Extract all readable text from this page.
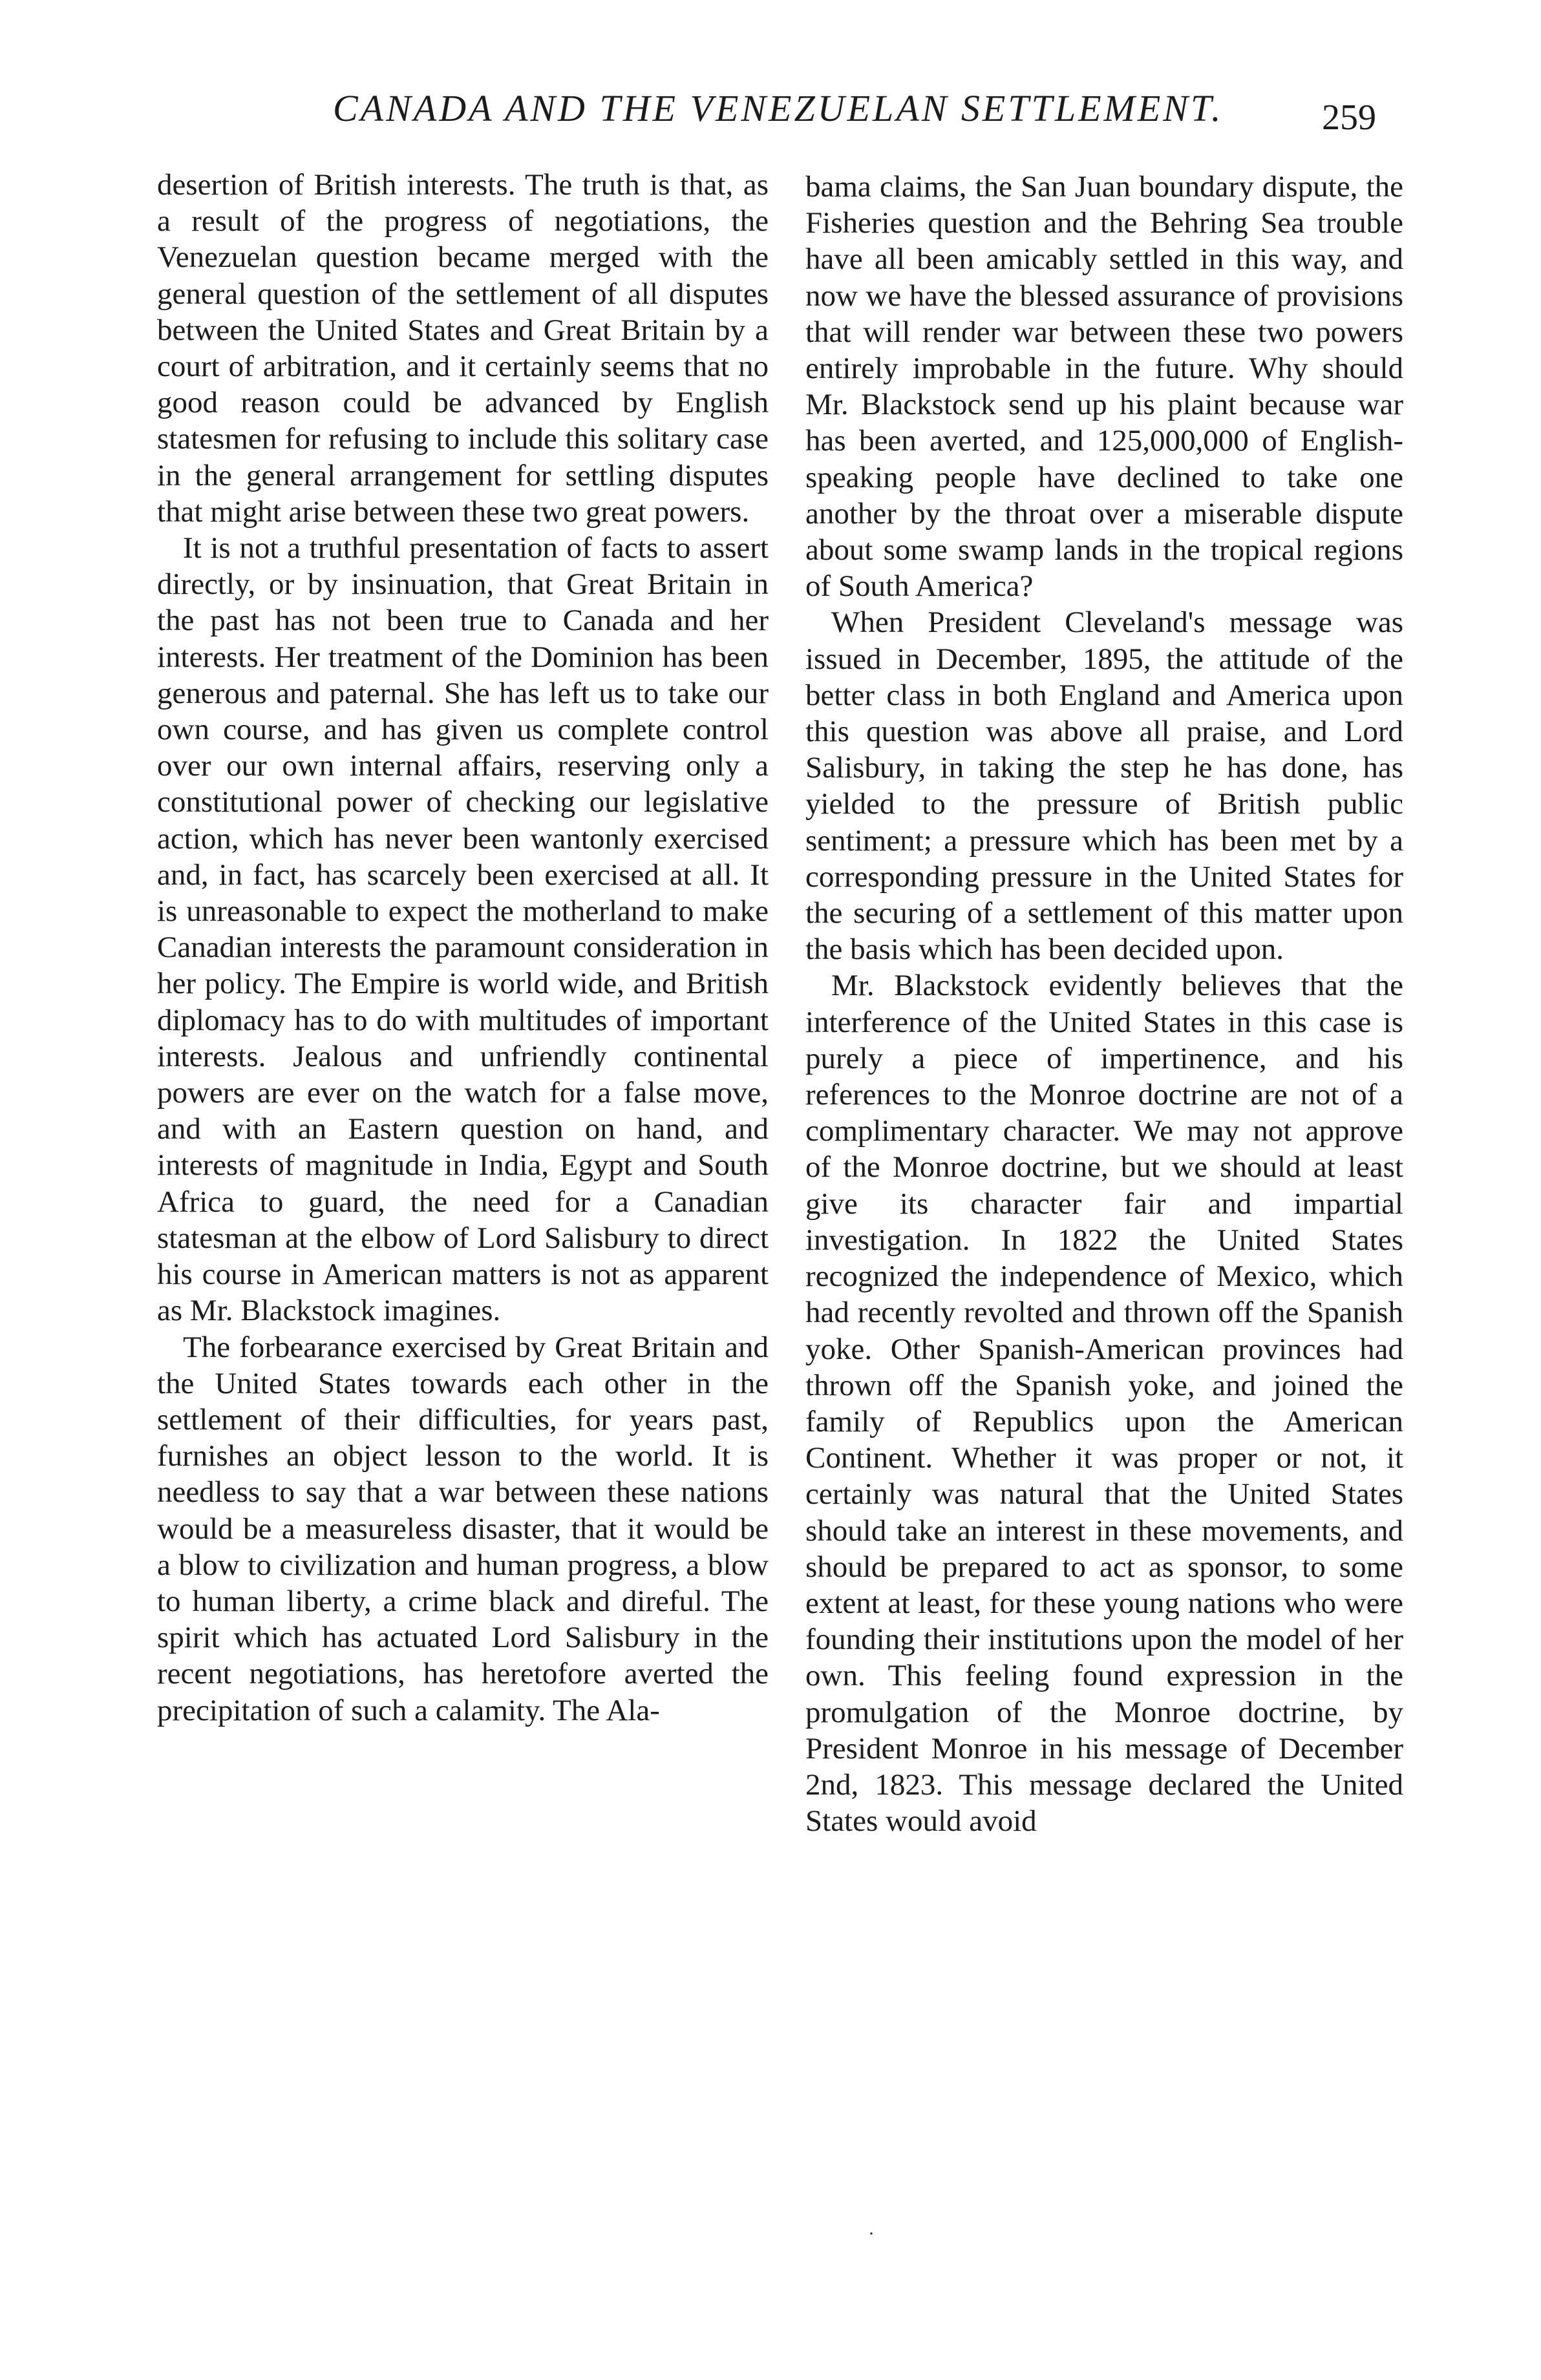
CANADA AND THE VENEZUELAN SETTLEMENT.	259

desertion of British interests. The truth is that, as a result of the progress of negotiations, the Venezuelan question became merged with the general question of the settlement of all disputes between the United States and Great Britain by a court of arbitration, and it certainly seems that no good reason could be advanced by English statesmen for refusing to include this solitary case in the general arrangement for settling disputes that might arise between these two great powers.

It is not a truthful presentation of facts to assert directly, or by insinuation, that Great Britain in the past has not been true to Canada and her interests. Her treatment of the Dominion has been generous and paternal. She has left us to take our own course, and has given us complete control over our own internal affairs, reserving only a constitutional power of checking our legislative action, which has never been wantonly exercised and, in fact, has scarcely been exercised at all. It is unreasonable to expect the motherland to make Canadian interests the paramount consideration in her policy. The Empire is world wide, and British diplomacy has to do with multitudes of important interests. Jealous and unfriendly continental powers are ever on the watch for a false move, and with an Eastern question on hand, and interests of magnitude in India, Egypt and South Africa to guard, the need for a Canadian statesman at the elbow of Lord Salisbury to direct his course in American matters is not as apparent as Mr. Blackstock imagines.

The forbearance exercised by Great Britain and the United States towards each other in the settlement of their difficulties, for years past, furnishes an object lesson to the world. It is needless to say that a war between these nations would be a measureless disaster, that it would be a blow to civilization and human progress, a blow to human liberty, a crime black and direful. The spirit which has actuated Lord Salisbury in the recent negotiations, has heretofore averted the precipitation of such a calamity. The Ala-

bama claims, the San Juan boundary dispute, the Fisheries question and the Behring Sea trouble have all been amicably settled in this way, and now we have the blessed assurance of provisions that will render war between these two powers entirely improbable in the future. Why should Mr. Blackstock send up his plaint because war has been averted, and 125,000,000 of English-speaking people have declined to take one another by the throat over a miserable dispute about some swamp lands in the tropical regions of South America?

When President Cleveland's message was issued in December, 1895, the attitude of the better class in both England and America upon this question was above all praise, and Lord Salisbury, in taking the step he has done, has yielded to the pressure of British public sentiment; a pressure which has been met by a corresponding pressure in the United States for the securing of a settlement of this matter upon the basis which has been decided upon.

Mr. Blackstock evidently believes that the interference of the United States in this case is purely a piece of impertinence, and his references to the Monroe doctrine are not of a complimentary character. We may not approve of the Monroe doctrine, but we should at least give its character fair and impartial investigation. In 1822 the United States recognized the independence of Mexico, which had recently revolted and thrown off the Spanish yoke. Other Spanish-American provinces had thrown off the Spanish yoke, and joined the family of Republics upon the American Continent. Whether it was proper or not, it certainly was natural that the United States should take an interest in these movements, and should be prepared to act as sponsor, to some extent at least, for these young nations who were founding their institutions upon the model of her own. This feeling found expression in the promulgation of the Monroe doctrine, by President Monroe in his message of December 2nd, 1823. This message declared the United States would avoid

·
